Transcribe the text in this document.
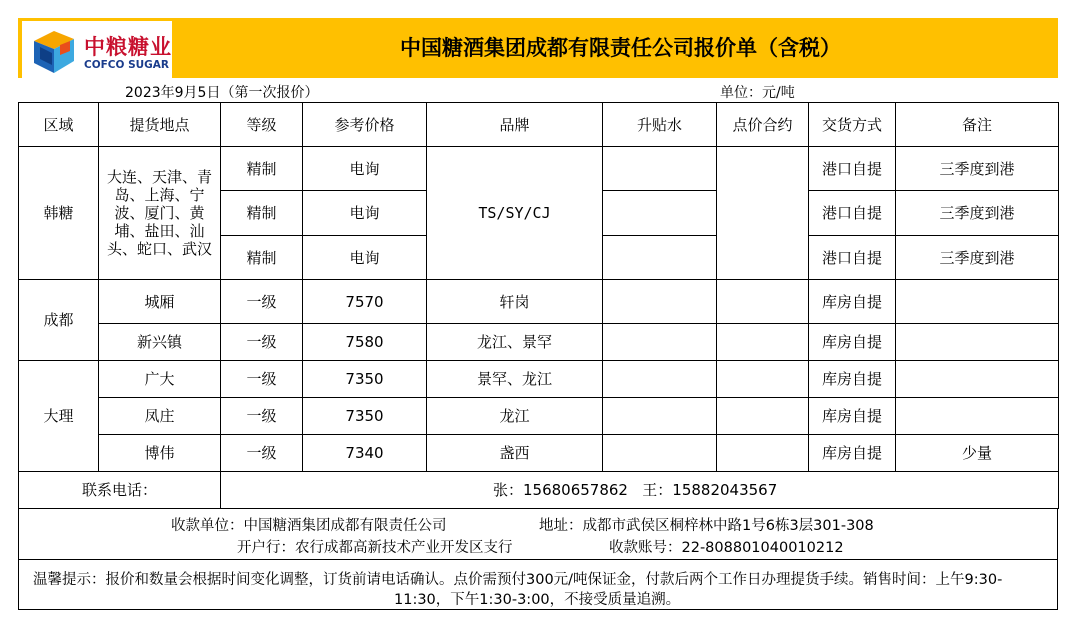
中粮糖业
COFCO SUGAR
中国糖酒集团成都有限责任公司报价单（含税）
2023年9月5日（第一次报价）	单位：元/吨
区域	提货地点	等级	参考价格	品牌	升贴水	点价合约	交货方式	备注
韩糖	大连、天津、青岛、上海、宁波、厦门、黄埔、盐田、汕头、蛇口、武汉	精制	电询	TS/SY/CJ			港口自提	三季度到港
		精制	电询				港口自提	三季度到港
		精制	电询				港口自提	三季度到港
成都	城厢	一级	7570	轩岗			库房自提	
	新兴镇	一级	7580	龙江、景罕			库房自提	
大理	广大	一级	7350	景罕、龙江			库房自提	
	凤庄	一级	7350	龙江			库房自提	
	博伟	一级	7340	盏西			库房自提	少量
联系电话：		张：15680657862   王：15882043567						
收款单位：中国糖酒集团成都有限责任公司	地址：成都市武侯区桐梓林中路1号6栋3层301-308
开户行：农行成都高新技术产业开发区支行	收款账号：22-808801040010212
温馨提示：报价和数量会根据时间变化调整，订货前请电话确认。点价需预付300元/吨保证金，付款后两个工作日办理提货手续。销售时间：上午9:30-
11:30，下午1:30-3:00，不接受质量追溯。
